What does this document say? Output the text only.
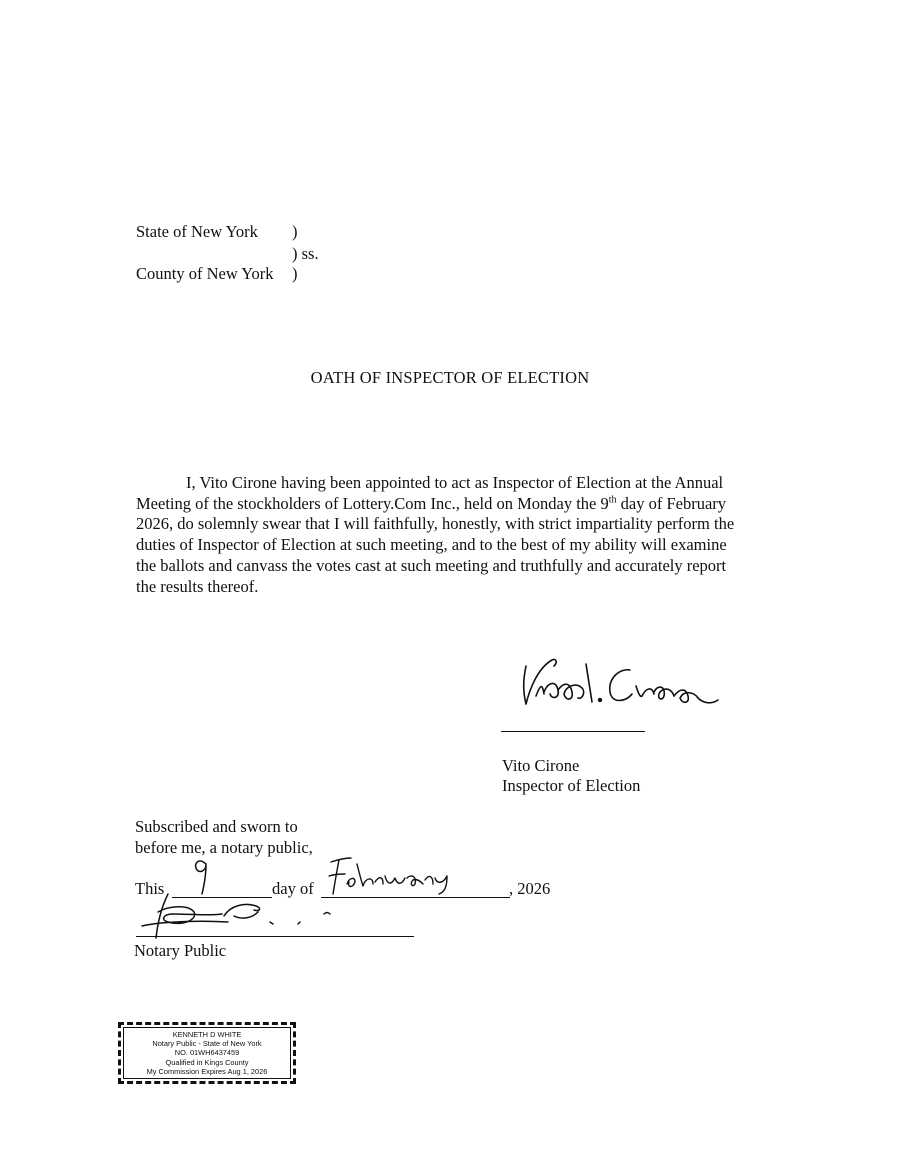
State of New York )
) ss.
County of New York )
OATH OF INSPECTOR OF ELECTION
I, Vito Cirone having been appointed to act as Inspector of Election at the Annual
Meeting of the stockholders of Lottery.Com Inc., held on Monday the 9th day of February
2026, do solemnly swear that I will faithfully, honestly, with strict impartiality perform the
duties of Inspector of Election at such meeting, and to the best of my ability will examine
the ballots and canvass the votes cast at such meeting and truthfully and accurately report
the results thereof.
Vito Cirone
Inspector of Election
Subscribed and sworn to
before me, a notary public,
This	day of	, 2026
Notary Public
KENNETH D WHITE
Notary Public - State of New York
NO. 01WH6437459
Qualified in Kings County
My Commission Expires Aug 1, 2026
